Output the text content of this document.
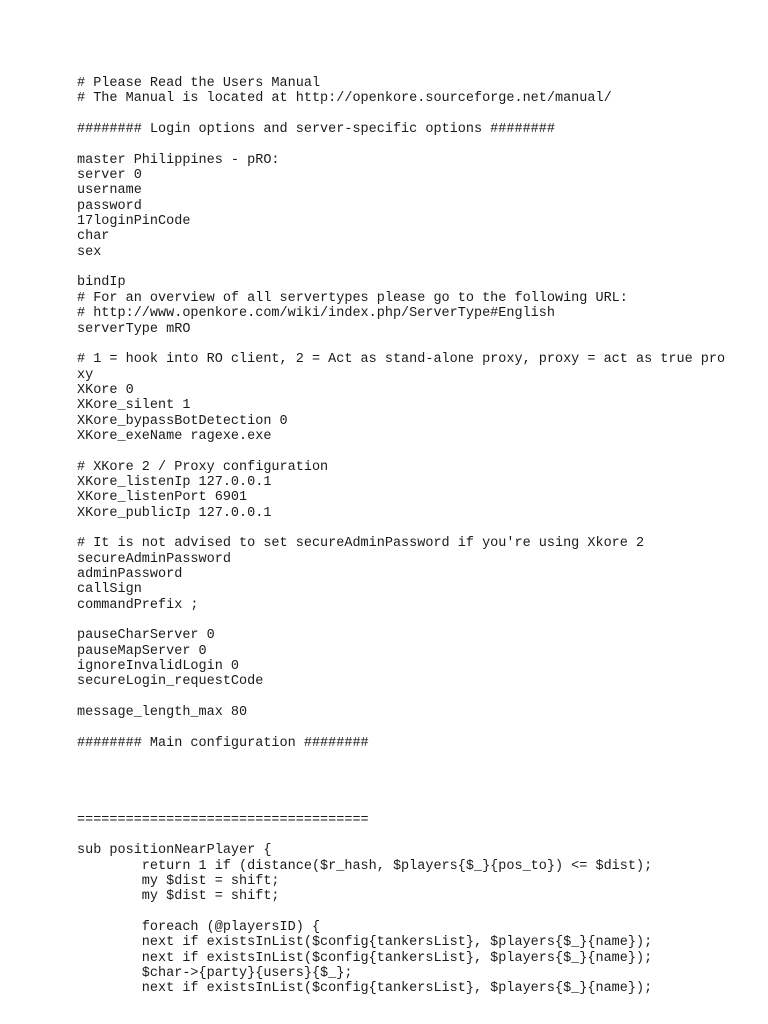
# Please Read the Users Manual
# The Manual is located at http://openkore.sourceforge.net/manual/
######## Login options and server-specific options ########
master Philippines - pRO:
server 0
username
password
17loginPinCode
char
sex
bindIp
# For an overview of all servertypes please go to the following URL:
# http://www.openkore.com/wiki/index.php/ServerType#English
serverType mRO
# 1 = hook into RO client, 2 = Act as stand-alone proxy, proxy = act as true pro
xy
XKore 0
XKore_silent 1
XKore_bypassBotDetection 0
XKore_exeName ragexe.exe
# XKore 2 / Proxy configuration
XKore_listenIp 127.0.0.1
XKore_listenPort 6901
XKore_publicIp 127.0.0.1
# It is not advised to set secureAdminPassword if you're using Xkore 2
secureAdminPassword
adminPassword
callSign
commandPrefix ;
pauseCharServer 0
pauseMapServer 0
ignoreInvalidLogin 0
secureLogin_requestCode
message_length_max 80
######## Main configuration ########
====================================
sub positionNearPlayer {
return 1 if (distance($r_hash, $players{$_}{pos_to}) <= $dist);
my $dist = shift;
my $dist = shift;
foreach (@playersID) {
next if existsInList($config{tankersList}, $players{$_}{name});
next if existsInList($config{tankersList}, $players{$_}{name});
$char->{party}{users}{$_};
next if existsInList($config{tankersList}, $players{$_}{name});
